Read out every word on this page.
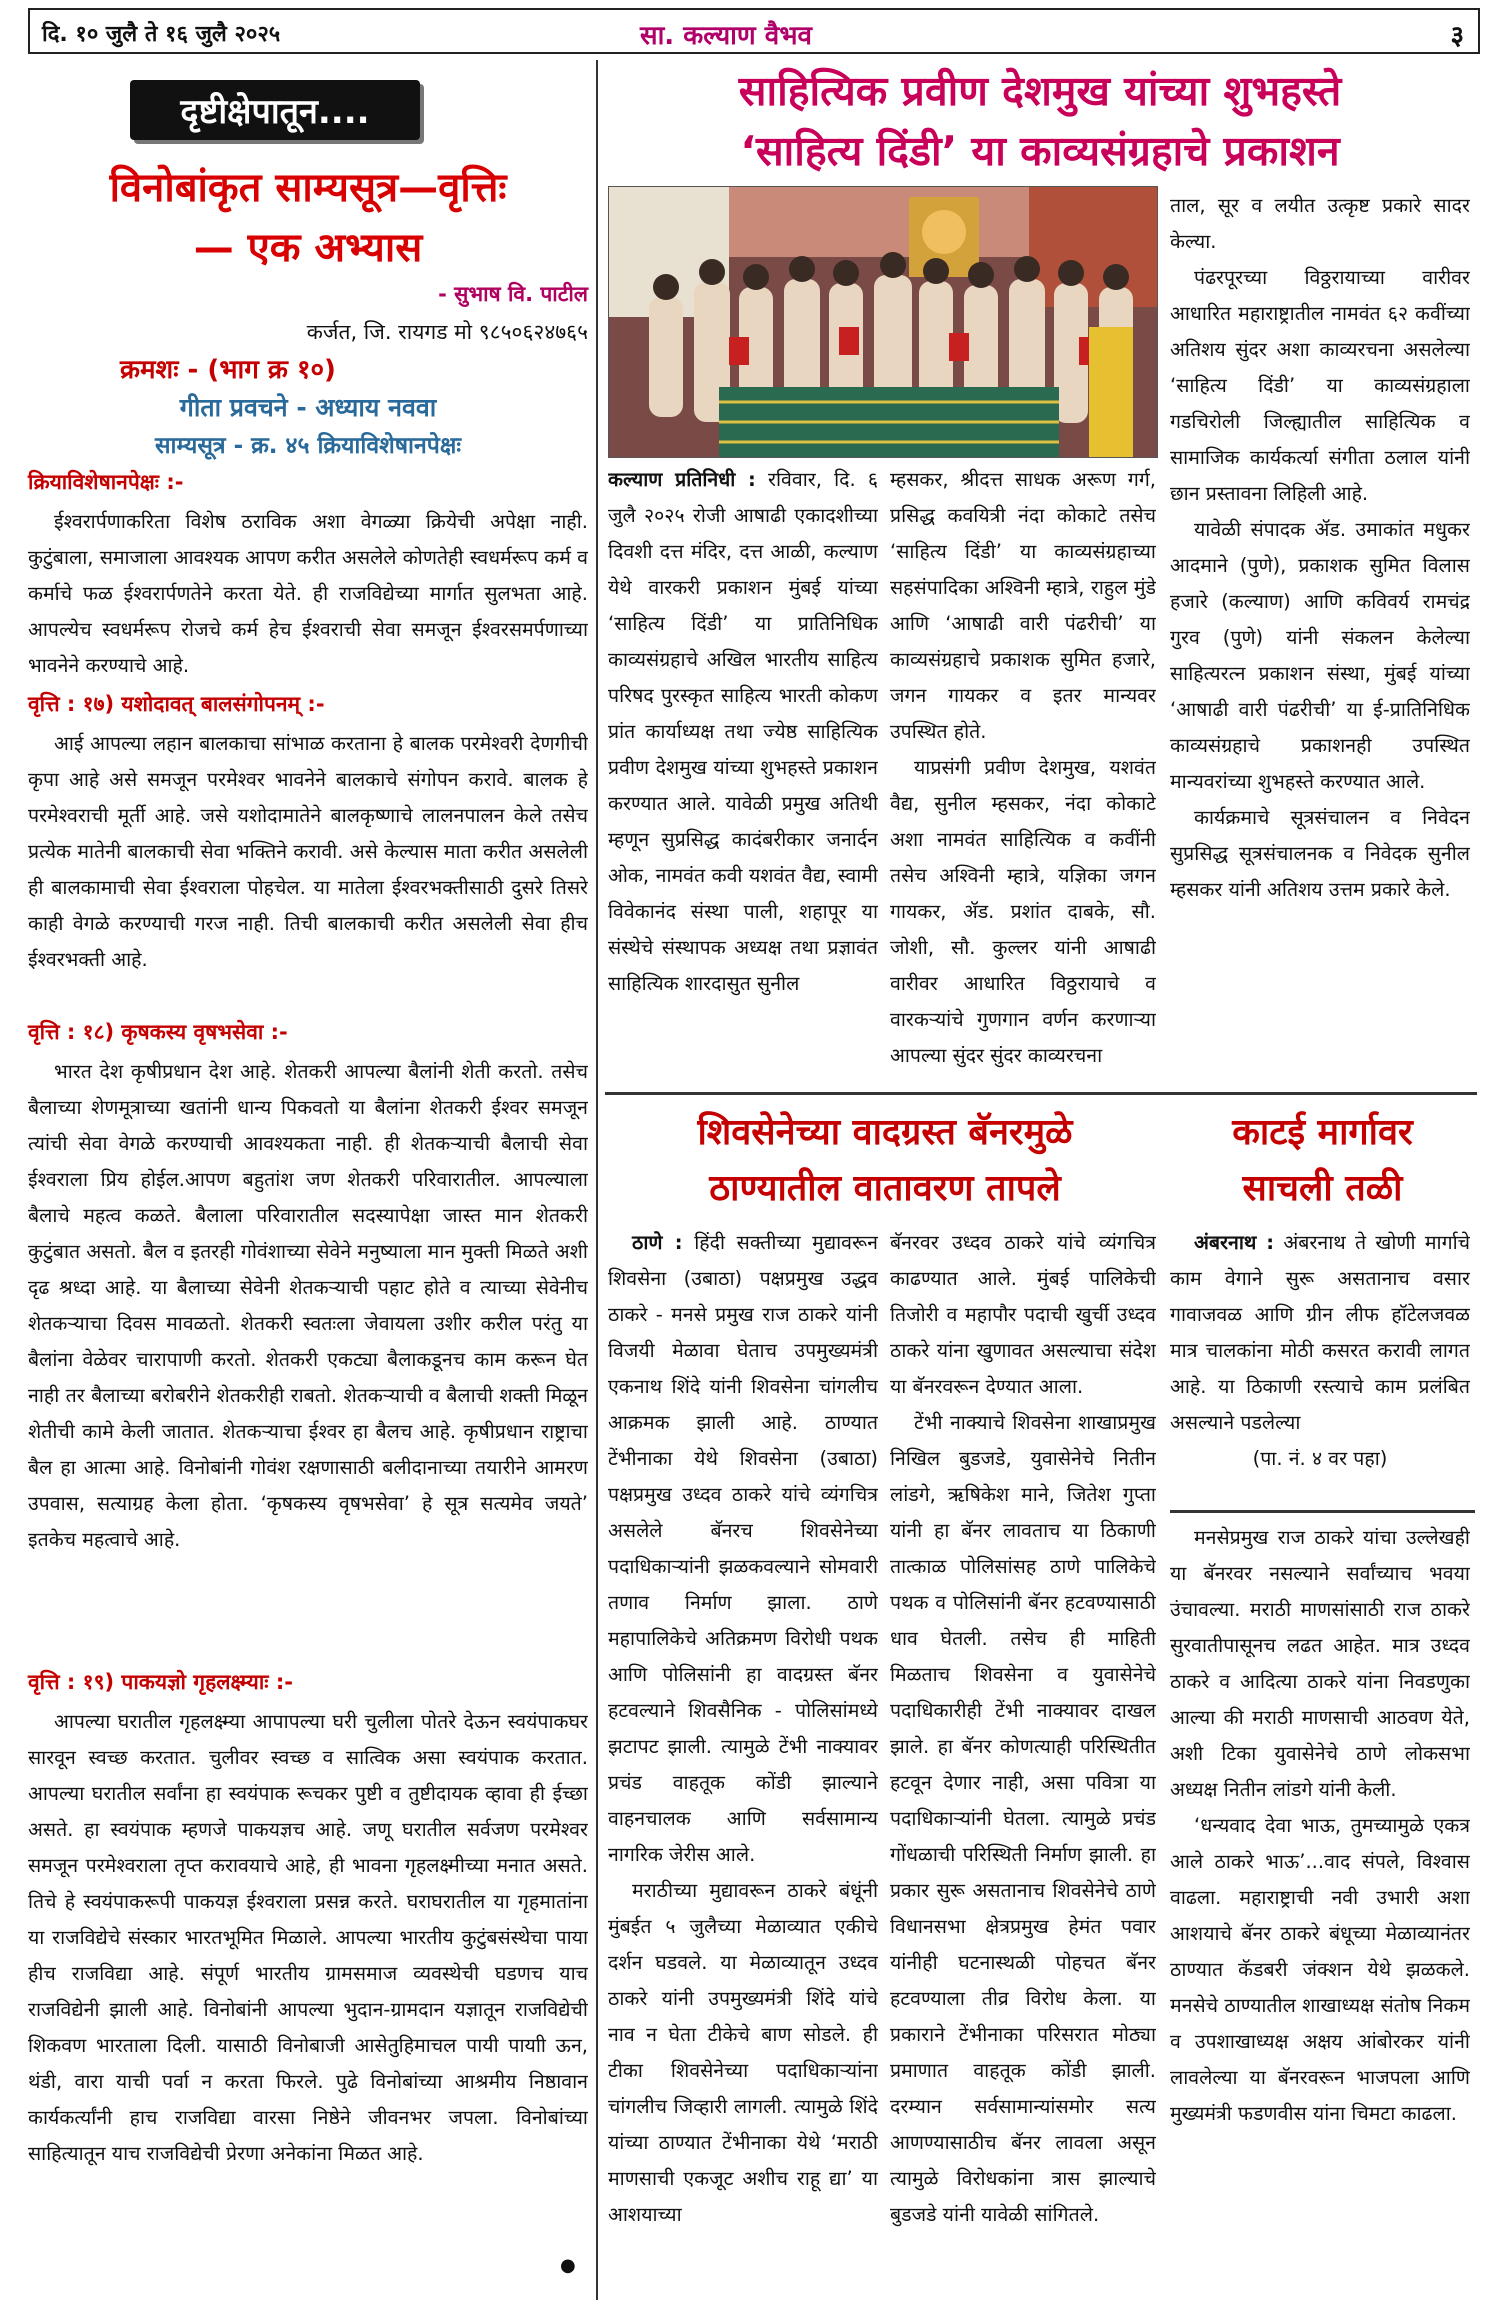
दि. १० जुलै ते १६ जुलै २०२५	सा. कल्याण वैभव	३
दृष्टीक्षेपातून....
विनोबांकृत साम्यसूत्र—वृत्तिः
— एक अभ्यास
- सुभाष वि. पाटील
कर्जत, जि. रायगड मो ९८५०६२४७६५
क्रमशः - (भाग क्र १०)
गीता प्रवचने - अध्याय नववा
साम्यसूत्र - क्र. ४५ क्रियाविशेषानपेक्षः
क्रियाविशेषानपेक्षः :-
ईश्वरार्पणाकरिता विशेष ठराविक अशा वेगळ्या क्रियेची अपेक्षा नाही. कुटुंबाला, समाजाला आवश्यक आपण करीत असलेले कोणतेही स्वधर्मरूप कर्म व कर्माचे फळ ईश्वरार्पणतेने करता येते. ही राजविद्येच्या मार्गात सुलभता आहे. आपल्येच स्वधर्मरूप रोजचे कर्म हेच ईश्वराची सेवा समजून ईश्वरसमर्पणाच्या भावनेने करण्याचे आहे.
वृत्ति : १७) यशोदावत् बालसंगोपनम् :-
आई आपल्या लहान बालकाचा सांभाळ करताना हे बालक परमेश्वरी देणगीची कृपा आहे असे समजून परमेश्वर भावनेने बालकाचे संगोपन करावे. बालक हे परमेश्वराची मूर्ती आहे. जसे यशोदामातेने बालकृष्णाचे लालनपालन केले तसेच प्रत्येक मातेनी बालकाची सेवा भक्तिने करावी. असे केल्यास माता करीत असलेली ही बालकामाची सेवा ईश्वराला पोहचेल. या मातेला ईश्वरभक्तीसाठी दुसरे तिसरे काही वेगळे करण्याची गरज नाही. तिची बालकाची करीत असलेली सेवा हीच ईश्वरभक्ती आहे.
वृत्ति : १८) कृषकस्य वृषभसेवा :-
भारत देश कृषीप्रधान देश आहे. शेतकरी आपल्या बैलांनी शेती करतो. तसेच बैलाच्या शेणमूत्राच्या खतांनी धान्य पिकवतो या बैलांना शेतकरी ईश्वर समजून त्यांची सेवा वेगळे करण्याची आवश्यकता नाही. ही शेतकऱ्याची बैलाची सेवा ईश्वराला प्रिय होईल.आपण बहुतांश जण शेतकरी परिवारातील. आपल्याला बैलाचे महत्व कळते. बैलाला परिवारातील सदस्यापेक्षा जास्त मान शेतकरी कुटुंबात असतो. बैल व इतरही गोवंशाच्या सेवेने मनुष्याला मान मुक्ती मिळते अशी दृढ श्रध्दा आहे. या बैलाच्या सेवेनी शेतकऱ्याची पहाट होते व त्याच्या सेवेनीच शेतकऱ्याचा दिवस मावळतो. शेतकरी स्वतःला जेवायला उशीर करील परंतु या बैलांना वेळेवर चारापाणी करतो. शेतकरी एकट्या बैलाकडूनच काम करून घेत नाही तर बैलाच्या बरोबरीने शेतकरीही राबतो. शेतकऱ्याची व बैलाची शक्ती मिळून शेतीची कामे केली जातात. शेतकऱ्याचा ईश्वर हा बैलच आहे. कृषीप्रधान राष्ट्राचा बैल हा आत्मा आहे. विनोबांनी गोवंश रक्षणासाठी बलीदानाच्या तयारीने आमरण उपवास, सत्याग्रह केला होता. ‘कृषकस्य वृषभसेवा’ हे सूत्र सत्यमेव जयते’ इतकेच महत्वाचे आहे.
वृत्ति : १९) पाकयज्ञो गृहलक्ष्म्याः :-
आपल्या घरातील गृहलक्ष्म्या आपापल्या घरी चुलीला पोतरे देऊन स्वयंपाकघर सारवून स्वच्छ करतात. चुलीवर स्वच्छ व सात्विक असा स्वयंपाक करतात. आपल्या घरातील सर्वांना हा स्वयंपाक रूचकर पुष्टी व तुष्टीदायक व्हावा ही ईच्छा असते. हा स्वयंपाक म्हणजे पाकयज्ञच आहे. जणू घरातील सर्वजण परमेश्वर समजून परमेश्वराला तृप्त करावयाचे आहे, ही भावना गृहलक्ष्मीच्या मनात असते. तिचे हे स्वयंपाकरूपी पाकयज्ञ ईश्वराला प्रसन्न करते. घराघरातील या गृहमातांना या राजविद्येचे संस्कार भारतभूमित मिळाले. आपल्या भारतीय कुटुंबसंस्थेचा पाया हीच राजविद्या आहे. संपूर्ण भारतीय ग्रामसमाज व्यवस्थेची घडणच याच राजविद्येनी झाली आहे. विनोबांनी आपल्या भुदान-ग्रामदान यज्ञातून राजविद्येची शिकवण भारताला दिली. यासाठी विनोबाजी आसेतुहिमाचल पायी पायाी ऊन, थंडी, वारा याची पर्वा न करता फिरले. पुढे विनोबांच्या आश्रमीय निष्ठावान कार्यकर्त्यांनी हाच राजविद्या वारसा निष्ठेने जीवनभर जपला. विनोबांच्या साहित्यातून याच राजविद्येची प्रेरणा अनेकांना मिळत आहे.
●
साहित्यिक प्रवीण देशमुख यांच्या शुभहस्ते
‘साहित्य दिंडी’ या काव्यसंग्रहाचे प्रकाशन

कल्याण प्रतिनिधी : रविवार, दि. ६ जुलै २०२५ रोजी आषाढी एकादशीच्या दिवशी दत्त मंदिर, दत्त आळी, कल्याण येथे वारकरी प्रकाशन मुंबई यांच्या ‘साहित्य दिंडी’ या प्रातिनिधिक काव्यसंग्रहाचे अखिल भारतीय साहित्य परिषद पुरस्कृत साहित्य भारती कोकण प्रांत कार्याध्यक्ष तथा ज्येष्ठ साहित्यिक प्रवीण देशमुख यांच्या शुभहस्ते प्रकाशन करण्यात आले. यावेळी प्रमुख अतिथी म्हणून सुप्रसिद्ध कादंबरीकार जनार्दन ओक, नामवंत कवी यशवंत वैद्य, स्वामी विवेकानंद संस्था पाली, शहापूर या संस्थेचे संस्थापक अध्यक्ष तथा प्रज्ञावंत साहित्यिक शारदासुत सुनील

म्हसकर, श्रीदत्त साधक अरूण गर्ग, प्रसिद्ध कवयित्री नंदा कोकाटे तसेच ‘साहित्य दिंडी’ या काव्यसंग्रहाच्या सहसंपादिका अश्विनी म्हात्रे, राहुल मुंडे आणि ‘आषाढी वारी पंढरीची’ या काव्यसंग्रहाचे प्रकाशक सुमित हजारे, जगन गायकर व इतर मान्यवर उपस्थित होते.

याप्रसंगी प्रवीण देशमुख, यशवंत वैद्य, सुनील म्हसकर, नंदा कोकाटे अशा नामवंत साहित्यिक व कवींनी तसेच अश्विनी म्हात्रे, यज्ञिका जगन गायकर, ॲड. प्रशांत दाबके, सौ. जोशी, सौ. कुल्लर यांनी आषाढी वारीवर आधारित विठ्ठरायाचे व वारकऱ्यांचे गुणगान वर्णन करणाऱ्या आपल्या सुंदर सुंदर काव्यरचना

ताल, सूर व लयीत उत्कृष्ट प्रकारे सादर केल्या.

पंढरपूरच्या विठ्ठरायाच्या वारीवर आधारित महाराष्ट्रातील नामवंत ६२ कवींच्या अतिशय सुंदर अशा काव्यरचना असलेल्या ‘साहित्य दिंडी’ या काव्यसंग्रहाला गडचिरोली जिल्ह्यातील साहित्यिक व सामाजिक कार्यकर्त्या संगीता ठलाल यांनी छान प्रस्तावना लिहिली आहे.

यावेळी संपादक ॲड. उमाकांत मधुकर आदमाने (पुणे), प्रकाशक सुमित विलास हजारे (कल्याण) आणि कविवर्य रामचंद्र गुरव (पुणे) यांनी संकलन केलेल्या साहित्यरत्न प्रकाशन संस्था, मुंबई यांच्या ‘आषाढी वारी पंढरीची’ या ई-प्रातिनिधिक काव्यसंग्रहाचे प्रकाशनही उपस्थित मान्यवरांच्या शुभहस्ते करण्यात आले.

कार्यक्रमाचे सूत्रसंचालन व निवेदन सुप्रसिद्ध सूत्रसंचालनक व निवेदक सुनील म्हसकर यांनी अतिशय उत्तम प्रकारे केले.

शिवसेनेच्या वादग्रस्त बॅनरमुळे
ठाण्यातील वातावरण तापले

ठाणे : हिंदी सक्तीच्या मुद्यावरून शिवसेना (उबाठा) पक्षप्रमुख उद्धव ठाकरे - मनसे प्रमुख राज ठाकरे यांनी विजयी मेळावा घेताच उपमुख्यमंत्री एकनाथ शिंदे यांनी शिवसेना चांगलीच आक्रमक झाली आहे. ठाण्यात टेंभीनाका येथे शिवसेना (उबाठा) पक्षप्रमुख उध्दव ठाकरे यांचे व्यंगचित्र असलेले बॅनरच शिवसेनेच्या पदाधिकाऱ्यांनी झळकवल्याने सोमवारी तणाव निर्माण झाला. ठाणे महापालिकेचे अतिक्रमण विरोधी पथक आणि पोलिसांनी हा वादग्रस्त बॅनर हटवल्याने शिवसैनिक - पोलिसांमध्ये झटापट झाली. त्यामुळे टेंभी नाक्यावर प्रचंड वाहतूक कोंडी झाल्याने वाहनचालक आणि सर्वसामान्य नागरिक जेरीस आले.

मराठीच्या मुद्यावरून ठाकरे बंधूंनी मुंबईत ५ जुलैच्या मेळाव्यात एकीचे दर्शन घडवले. या मेळाव्यातून उध्दव ठाकरे यांनी उपमुख्यमंत्री शिंदे यांचे नाव न घेता टीकेचे बाण सोडले. ही टीका शिवसेनेच्या पदाधिकाऱ्यांना चांगलीच जिव्हारी लागली. त्यामुळे शिंदे यांच्या ठाण्यात टेंभीनाका येथे ‘मराठी माणसाची एकजूट अशीच राहू द्या’ या आशयाच्या

बॅनरवर उध्दव ठाकरे यांचे व्यंगचित्र काढण्यात आले. मुंबई पालिकेची तिजोरी व महापौर पदाची खुर्ची उध्दव ठाकरे यांना खुणावत असल्याचा संदेश या बॅनरवरून देण्यात आला.

टेंभी नाक्याचे शिवसेना शाखाप्रमुख निखिल बुडजडे, युवासेनेचे नितीन लांडगे, ऋषिकेश माने, जितेश गुप्ता यांनी हा बॅनर लावताच या ठिकाणी तात्काळ पोलिसांसह ठाणे पालिकेचे पथक व पोलिसांनी बॅनर हटवण्यासाठी धाव घेतली. तसेच ही माहिती मिळताच शिवसेना व युवासेनेचे पदाधिकारीही टेंभी नाक्यावर दाखल झाले. हा बॅनर कोणत्याही परिस्थितीत हटवून देणार नाही, असा पवित्रा या पदाधिकाऱ्यांनी घेतला. त्यामुळे प्रचंड गोंधळाची परिस्थिती निर्माण झाली. हा प्रकार सुरू असतानाच शिवसेनेचे ठाणे विधानसभा क्षेत्रप्रमुख हेमंत पवार यांनीही घटनास्थळी पोहचत बॅनर हटवण्याला तीव्र विरोध केला. या प्रकाराने टेंभीनाका परिसरात मोठ्या प्रमाणात वाहतूक कोंडी झाली. दरम्यान सर्वसामान्यांसमोर सत्य आणण्यासाठीच बॅनर लावला असून त्यामुळे विरोधकांना त्रास झाल्याचे बुडजडे यांनी यावेळी सांगितले.

काटई मार्गावर
साचली तळी

अंबरनाथ : अंबरनाथ ते खोणी मार्गाचे काम वेगाने सुरू असतानाच वसार गावाजवळ आणि ग्रीन लीफ हॉटेलजवळ मात्र चालकांना मोठी कसरत करावी लागत आहे. या ठिकाणी रस्त्याचे काम प्रलंबित असल्याने पडलेल्या

(पा. नं. ४ वर पहा)

मनसेप्रमुख राज ठाकरे यांचा उल्लेखही या बॅनरवर नसल्याने सर्वांच्याच भवया उंचावल्या. मराठी माणसांसाठी राज ठाकरे सुरवातीपासूनच लढत आहेत. मात्र उध्दव ठाकरे व आदित्या ठाकरे यांना निवडणुका आल्या की मराठी माणसाची आठवण येते, अशी टिका युवासेनेचे ठाणे लोकसभा अध्यक्ष नितीन लांडगे यांनी केली.

‘धन्यवाद देवा भाऊ, तुमच्यामुळे एकत्र आले ठाकरे भाऊ’...वाद संपले, विश्वास वाढला. महाराष्ट्राची नवी उभारी अशा आशयाचे बॅनर ठाकरे बंधूच्या मेळाव्यानंतर ठाण्यात कॅडबरी जंक्शन येथे झळकले. मनसेचे ठाण्यातील शाखाध्यक्ष संतोष निकम व उपशाखाध्यक्ष अक्षय आंबोरकर यांनी लावलेल्या या बॅनरवरून भाजपला आणि मुख्यमंत्री फडणवीस यांना चिमटा काढला.
